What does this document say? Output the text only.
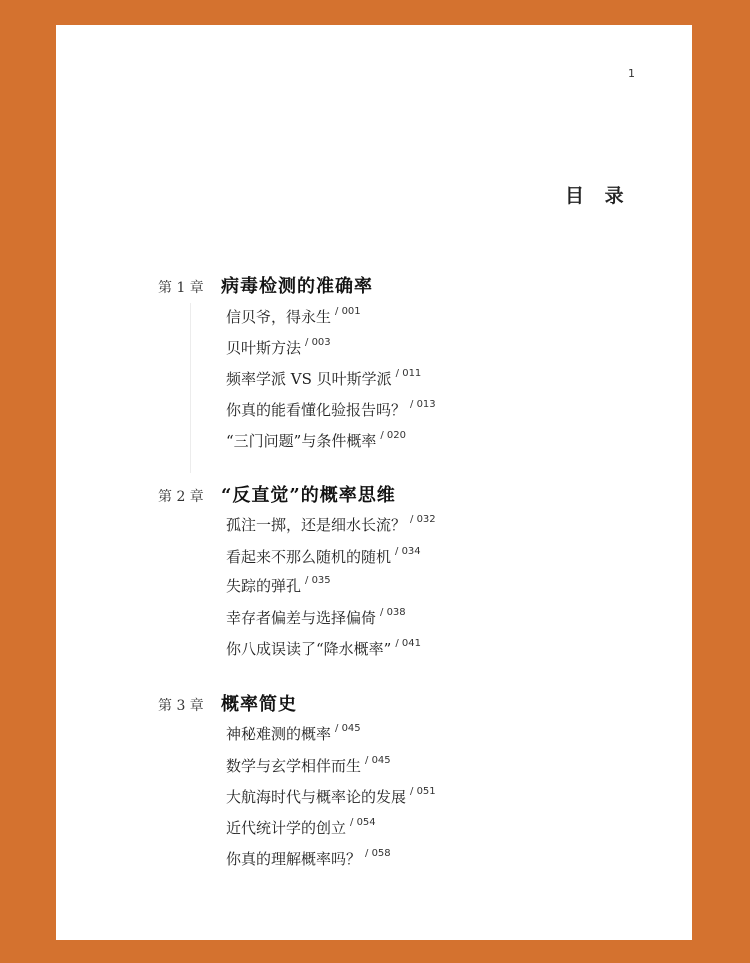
1
目 录
第 1 章 病毒检测的准确率
信贝爷，得永生 $^{/ 001}$
贝叶斯方法 $^{/ 003}$
频率学派 VS 贝叶斯学派 $^{/ 011}$
你真的能看懂化验报告吗？ $^{/ 013}$
“三门问题”与条件概率 $^{/ 020}$
第 2 章 “反直觉”的概率思维
孤注一掷，还是细水长流？ $^{/ 032}$
看起来不那么随机的随机 $^{/ 034}$
失踪的弹孔 $^{/ 035}$
幸存者偏差与选择偏倚 $^{/ 038}$
你八成误读了“降水概率” $^{/ 041}$
第 3 章 概率简史
神秘难测的概率 $^{/ 045}$
数学与玄学相伴而生 $^{/ 045}$
大航海时代与概率论的发展 $^{/ 051}$
近代统计学的创立 $^{/ 054}$
你真的理解概率吗？ $^{/ 058}$
